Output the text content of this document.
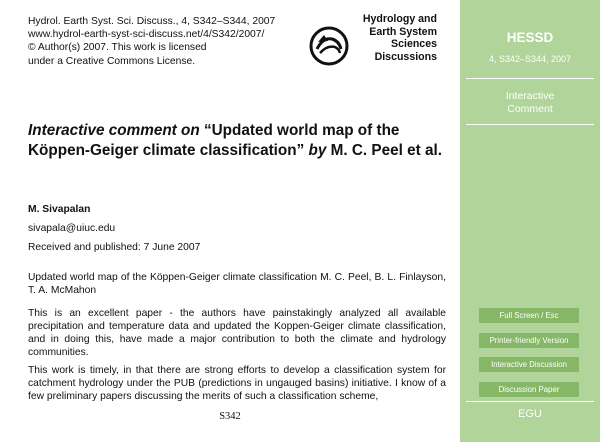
Hydrol. Earth Syst. Sci. Discuss., 4, S342–S344, 2007
www.hydrol-earth-syst-sci-discuss.net/4/S342/2007/
© Author(s) 2007. This work is licensed
under a Creative Commons License.
Hydrology and
Earth System
Sciences
Discussions
Interactive comment on “Updated world map of the Köppen-Geiger climate classification” by M. C. Peel et al.
M. Sivapalan
sivapala@uiuc.edu
Received and published: 7 June 2007
Updated world map of the Köppen-Geiger climate classification M. C. Peel, B. L. Finlayson, T. A. McMahon
This is an excellent paper - the authors have painstakingly analyzed all available precipitation and temperature data and updated the Koppen-Geiger climate classification, and in doing this, have made a major contribution to both the climate and hydrology communities.
This work is timely, in that there are strong efforts to develop a classification system for catchment hydrology under the PUB (predictions in ungauged basins) initiative. I know of a few preliminary papers discussing the merits of such a classification scheme,
S342
HESSD
4, S342–S344, 2007
Interactive
Comment
Full Screen / Esc
Printer-friendly Version
Interactive Discussion
Discussion Paper
EGU
